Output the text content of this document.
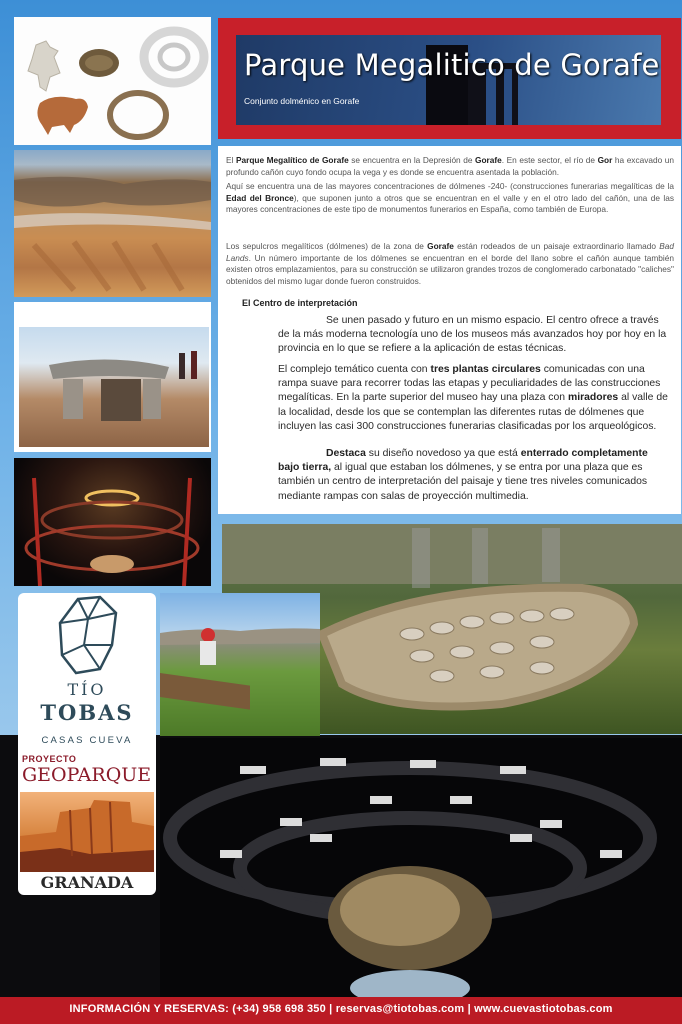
Parque Megalitico de Gorafe
Conjunto dolménico en Gorafe
El Parque Megalítico de Gorafe se encuentra en la Depresión de Gorafe. En este sector, el río de Gor ha excavado un profundo cañón cuyo fondo ocupa la vega y es donde se encuentra asentada la población.
Aquí se encuentra una de las mayores concentraciones de dólmenes -240- (construcciones funerarias megalíticas de la Edad del Bronce), que suponen junto a otros que se encuentran en el valle y en el otro lado del cañón, una de las mayores concentraciones de este tipo de monumentos funerarios en España, como también de Europa.
Los sepulcros megalíticos (dólmenes) de la zona de Gorafe están rodeados de un paisaje extraordinario llamado Bad Lands. Un número importante de los dólmenes se encuentran en el borde del llano sobre el cañón aunque también existen otros emplazamientos, para su construcción se utilizaron grandes trozos de conglomerado carbonatado "caliches" obtenidos del mismo lugar donde fueron construidos.
El Centro de interpretación
Se unen pasado y futuro en un mismo espacio. El centro ofrece a través de la más moderna tecnología uno de los museos más avanzados hoy por hoy en la provincia en lo que se refiere a la aplicación de estas técnicas.
El complejo temático cuenta con tres plantas circulares comunicadas con una rampa suave para recorrer todas las etapas y peculiaridades de las construcciones megalíticas. En la parte superior del museo hay una plaza con miradores al valle de la localidad, desde los que se contemplan las diferentes rutas de dólmenes que incluyen las casi 300 construcciones funerarias clasificadas por los arqueológicos.
Destaca su diseño novedoso ya que está enterrado completamente bajo tierra, al igual que estaban los dólmenes, y se entra por una plaza que es también un centro de interpretación del paisaje y tiene tres niveles comunicados mediante rampas con salas de proyección multimedia.
TÍO
TOBAS
CASAS CUEVA
PROYECTO
GEOPARQUE
GRANADA
INFORMACIÓN Y RESERVAS: (+34) 958 698 350 | reservas@tiotobas.com | www.cuevastiotobas.com
